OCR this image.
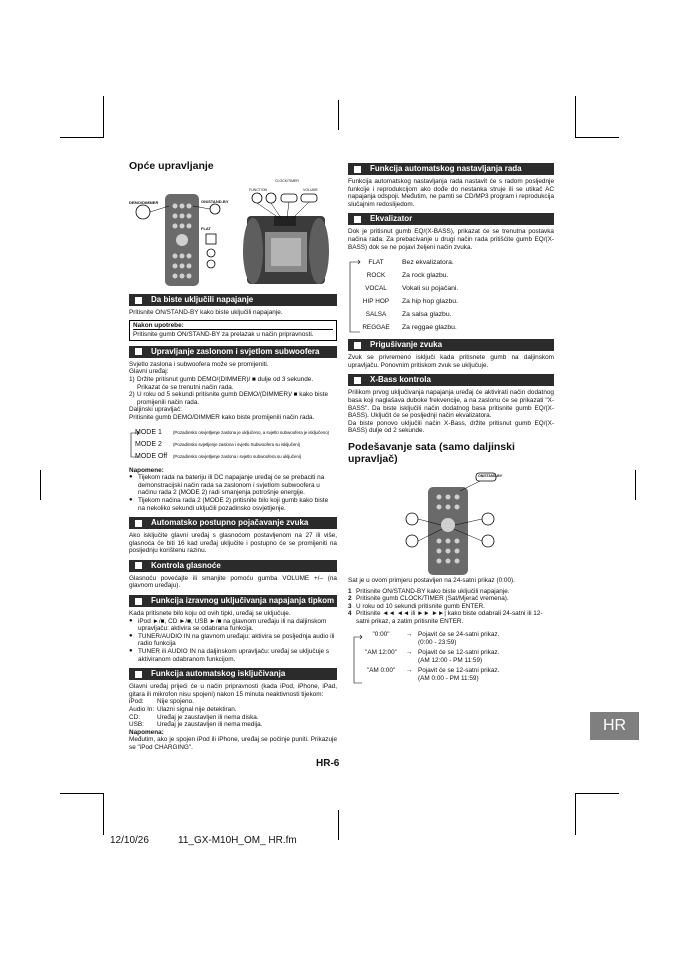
Opće upravljanje
DEMO/DIMMER	ON/STAND-BY
CLOCK/TIMER
FUNCTION	VOLUME
FLAT
Da biste uključili napajanje
Pritisnite ON/STAND-BY kako biste uključili napajanje.
Nakon upotrebe:
Pritisnite gumb ON/STAND-BY za prelazak u način pripravnosti.
Upravljanje zaslonom i svjetlom subwoofera
Svjetlo zaslona i subwoofera može se promijeniti.
Glavni uređaj:
1) Držite pritisnut gumb DEMO/(DIMMER)/ ■ dulje od 3 sekunde. Prikazat će se trenutni način rada.
2) U roku od 5 sekundi pritisnite gumb DEMO/(DIMMER)/ ■ kako biste promijenili način rada.
Daljinski upravljač:
Pritisnite gumb DEMO/DIMMER kako biste promijenili način rada.
MODE 1	(Pozadinsko osvjetljenje zaslona je uključeno, a svjetlo subwoofera je isključeno)
MODE 2	(Pozadinsko svjetljenje zaslona i svjetlo Subwoofera su isključeni)
MODE Off	(Pozadinsko osvjetljenje zaslona i svjetlo subwoofera su uključeni)
Napomene:
● Tijekom rada na bateriju ili DC napajanje uređaj će se prebaciti na demonstracijski način rada sa zaslonom i svjetlom subwoofera u načinu rada 2 (MODE 2) radi smanjenja potrošnje energije.
● Tijekom načina rada 2 (MODE 2) pritisnite bilo koji gumb kako biste na nekoliko sekundi uključili pozadinsko osvjetljenje.
Automatsko postupno pojačavanje zvuka
Ako isključite glavni uređaj s glasnoćom postavljenom na 27 ili više, glasnoća će biti 16 kad uređaj uključite i postupno će se promijeniti na posljednju korištenu razinu.
Kontrola glasnoće
Glasnoću povećajte ili smanjite pomoću gumba VOLUME +/– (na glavnom uređaju).
Funkcija izravnog uključivanja napajanja tipkom
Kada pritisnete bilo koju od ovih tipki, uređaj se uključuje.
● iPod ►/■, CD ►/■, USB ►/■ na glavnom uređaju ili na daljinskom upravljaču: aktivira se odabrana funkcija.
● TUNER/AUDIO IN na glavnom uređaju: aktivira se posljednja audio ili radio funkcija
● TUNER ili AUDIO IN na daljinskom upravljaču: uređaj se uključuje s aktiviranom odabranom funkcijom.
Funkcija automatskog isključivanja
Glavni uređaj prijeći će u način pripravnosti (kada iPod, iPhone, iPad, gitara ili mikrofon nisu spojeni) nakon 15 minuta neaktivnosti tijekom:
iPod:	Nije spojeno.
Audio In: Ulazni signal nije detektiran.
CD:	Uređaj je zaustavljen ili nema diska.
USB:	Uređaj je zaustavljen ili nema medija.
Napomena:
Međutim, ako je spojen iPod ili iPhone, uređaj se počinje puniti. Prikazuje se "iPod CHARGING".
Funkcija automatskog nastavljanja rada
Funkcija automatskog nastavljanja rada nastavit će s radom posljednje funkcije i reprodukcijom ako dođe do nestanka struje ili se utikač AC napajanja odspoji. Međutim, ne pamti se CD/MP3 program i reprodukcija slučajnim redoslijedom.
Ekvalizator
Dok je pritisnut gumb EQ/(X-BASS), prikazat će se trenutna postavka načina rada. Za prebacivanje u drugi način rada pritišćite gumb EQ/(X-BASS) dok se ne pojavi željeni način zvuka.
FLAT	Bez ekvalizatora.
ROCK	Za rock glazbu.
VOCAL	Vokali su pojačani.
HIP HOP	Za hip hop glazbu.
SALSA	Za salsa glazbu.
REGGAE	Za reggae glazbu.
Prigušivanje zvuka
Zvuk se privremeno isključi kada pritisnete gumb na daljinskom upravljaču. Ponovnim pritiskom zvuk se uključuje.
X-Bass kontrola
Prilikom prvog uključivanja napajanja uređaj će aktivirati način dodatnog basa koji naglašava duboke frekvencije, a na zaslonu će se prikazati "X-BASS". Da biste isključili način dodatnog basa pritisnite gumb EQ/(X-BASS). Uključit će se posljednji način ekvalizatora.
Da biste ponovo uključili način X-Bass, držite pritisnut gumb EQ/(X-BASS) dulje od 2 sekunde.
Podešavanje sata (samo daljinski upravljač)
ON/STAND-BY
Sat je u ovom primjeru postavljen na 24-satni prikaz (0:00).
1 Pritisnite ON/STAND-BY kako biste uključili napajanje.
2 Pritisnite gumb CLOCK/TIMER (Sat/Mjerač vremena).
3 U roku od 10 sekundi pritisnite gumb ENTER.
4 Pritisnite ◄◄ ◄◄ ili ►► ►►| kako biste odabrali 24-satni ili 12-satni prikaz, a zatim pritisnite ENTER.
"0:00"	→ Pojavit će se 24-satni prikaz.
(0:00 - 23:59)
"AM 12:00"	→ Pojavit će se 12-satni prikaz.
(AM 12:00 - PM 11:59)
"AM 0:00"	→ Pojavit će se 12-satni prikaz.
(AM 0:00 - PM 11:59)
HR
HR-6
12/10/26	11_GX-M10H_OM_ HR.fm
